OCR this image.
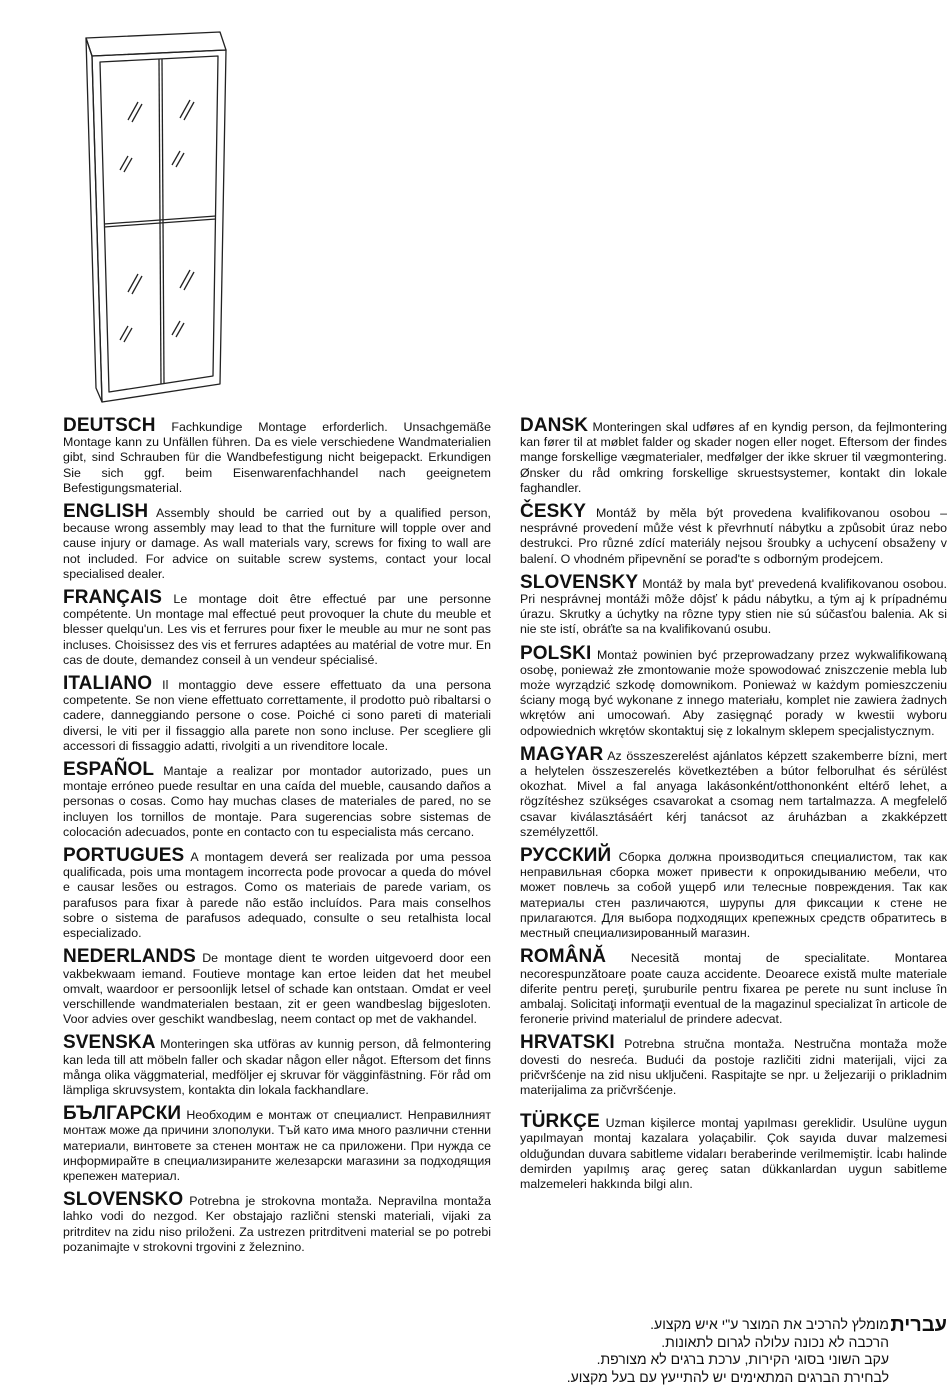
DEUTSCH Fachkundige Montage erforderlich. Unsachgemäße Montage kann zu Unfällen führen. Da es viele verschiedene Wandmaterialien gibt, sind Schrauben für die Wandbefestigung nicht beigepackt. Erkundigen Sie sich ggf. beim Eisenwarenfachhandel nach geeignetem Befestigungsmaterial.

ENGLISH Assembly should be carried out by a qualified person, because wrong assembly may lead to that the furniture will topple over and cause injury or damage. As wall materials vary, screws for fixing to wall are not included. For advice on suitable screw systems, contact your local specialised dealer.

FRANÇAIS Le montage doit être effectué par une personne compétente. Un montage mal effectué peut provoquer la chute du meuble et blesser quelqu'un. Les vis et ferrures pour fixer le meuble au mur ne sont pas incluses. Choisissez des vis et ferrures adaptées au matérial de votre mur. En cas de doute, demandez conseil à un vendeur spécialisé.

ITALIANO Il montaggio deve essere effettuato da una persona competente. Se non viene effettuato correttamente, il prodotto può ribaltarsi o cadere, danneggiando persone o cose. Poiché ci sono pareti di materiali diversi, le viti per il fissaggio alla parete non sono incluse. Per scegliere gli accessori di fissaggio adatti, rivolgiti a un rivenditore locale.

ESPAÑOL Mantaje a realizar por montador autorizado, pues un montaje erróneo puede resultar en una caída del mueble, causando daños a personas o cosas. Como hay muchas clases de materiales de pared, no se incluyen los tornillos de montaje. Para sugerencias sobre sistemas de colocación adecuados, ponte en contacto con tu especialista más cercano.

PORTUGUES A montagem deverá ser realizada por uma pessoa qualificada, pois uma montagem incorrecta pode provocar a queda do móvel e causar lesões ou estragos. Como os materiais de parede variam, os parafusos para fixar à parede não estão incluídos. Para mais conselhos sobre o sistema de parafusos adequado, consulte o seu retalhista local especializado.

NEDERLANDS De montage dient te worden uitgevoerd door een vakbekwaam iemand. Foutieve montage kan ertoe leiden dat het meubel omvalt, waardoor er persoonlijk letsel of schade kan ontstaan. Omdat er veel verschillende wandmaterialen bestaan, zit er geen wandbeslag bijgesloten. Voor advies over geschikt wandbeslag, neem contact op met de vakhandel.

SVENSKA Monteringen ska utföras av kunnig person, då felmontering kan leda till att möbeln faller och skadar någon eller något. Eftersom det finns många olika väggmaterial, medföljer ej skruvar för vägginfästning. För råd om lämpliga skruvsystem, kontakta din lokala fackhandlare.

БЪЛГАРСКИ Необходим е монтаж от специалист. Неправилният монтаж може да причини злополуки. Тъй като има много различни стенни материали, винтовете за стенен монтаж не са приложени. При нужда се информирайте в специализираните железарски магазини за подходящия крепежен материал.

SLOVENSKO Potrebna je strokovna montaža. Nepravilna montaža lahko vodi do nezgod. Ker obstajajo različni stenski materiali, vijaki za pritrditev na zidu niso priloženi. Za ustrezen pritrditveni material se po potrebi pozanimajte v strokovni trgovini z železnino.

DANSK Monteringen skal udføres af en kyndig person, da fejlmontering kan fører til at møblet falder og skader nogen eller noget. Eftersom der findes mange forskellige vægmaterialer, medfølger der ikke skruer til vægmontering. Ønsker du råd omkring forskellige skruestsystemer, kontakt din lokale faghandler.

ČESKY Montáž by měla být provedena kvalifikovanou osobou – nesprávné provedení může vést k převrhnutí nábytku a způsobit úraz nebo destrukci. Pro různé zdící materiály nejsou šroubky a uchycení obsaženy v balení. O vhodném připevnění se porad'te s odborným prodejcem.

SLOVENSKY Montáž by mala byt' prevedená kvalifikovanou osobou. Pri nesprávnej montáži môže dôjsť k pádu nábytku, a tým aj k prípadnému úrazu. Skrutky a úchytky na rôzne typy stien nie sú súčasťou balenia. Ak si nie ste istí, obráťte sa na kvalifikovanú osubu.

POLSKI Montaż powinien być przeprowadzany przez wykwalifikowaną osobę, ponieważ złe zmontowanie może spowodować zniszczenie mebla lub może wyrządzić szkodę domownikom. Ponieważ w każdym pomieszczeniu ściany mogą być wykonane z innego materiału, komplet nie zawiera żadnych wkrętów ani umocowań. Aby zasięgnąć porady w kwestii wyboru odpowiednich wkrętów skontaktuj się z lokalnym sklepem specjalistycznym.

MAGYAR Az összeszerelést ajánlatos képzett szakemberre bízni, mert a helytelen összeszerelés következtében a bútor felborulhat és sérülést okozhat. Mivel a fal anyaga lakásonként/otthononként eltérő lehet, a rögzítéshez szükséges csavarokat a csomag nem tartalmazza. A megfelelő csavar kiválasztásáért kérj tanácsot az áruházban a zkakképzett személyzettől.

РУССКИЙ Сборка должна производиться специалистом, так как неправильная сборка может привести к опрокидыванию мебели, что может повлечь за собой ущерб или телесные повреждения. Так как материалы стен различаются, шурупы для фиксации к стене не прилагаются. Для выбора подходящих крепежных средств обратитесь в местный специализированный магазин.

ROMÂNĂ Necesită montaj de specialitate. Montarea necorespunzătoare poate cauza accidente. Deoarece există multe materiale diferite pentru pereţi, şuruburile pentru fixarea pe perete nu sunt incluse în ambalaj. Solicitaţi informaţii eventual de la magazinul specializat în articole de feronerie privind materialul de prindere adecvat.

HRVATSKI Potrebna stručna montaža. Nestručna montaža može dovesti do nesreća. Budući da postoje različiti zidni materijali, vijci za pričvršćenje na zid nisu uključeni. Raspitajte se npr. u željezariji o prikladnim materijalima za pričvršćenje.

TÜRKÇE Uzman kişilerce montaj yapılması gereklidir. Usulüne uygun yapılmayan montaj kazalara yolaçabilir. Çok sayıda duvar malzemesi olduğundan duvara sabitleme vidaları beraberinde verilmemiştir. İcabı halinde demirden yapılmış araç gereç satan dükkanlardan uygun sabitleme malzemeleri hakkında bilgi alın.

עברית
מומלץ להרכיב את המוצר ע"י איש מקצוע.
הרכבה לא נכונה עלולה לגרום לתאונות.
עקב השוני בסוגי הקירות, ערכת ברגים לא מצורפת.
לבחירת הברגים המתאימים יש להתייעץ עם בעל מקצוע.
